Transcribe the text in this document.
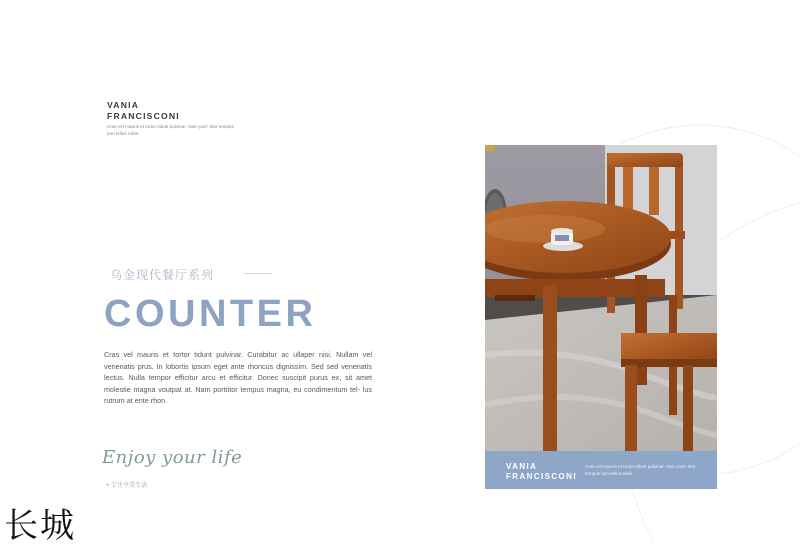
VANIA
FRANCISCONI
Cras vel mauris et tortor tidunt pulvinar. Nam port- titor tempus tum tellus rolde.
乌金现代餐厅系列
COUNTER
Cras vel mauris et tortor tidunt pulvinar. Curabitur ac ullaper nisi. Nullam vel venenatis prus. In lobortis ipsum eget ante rhoncus dignissim. Sed sed venenatis lectus. Nulla tempor efficitur arcu et efficitur. Donec suscipit purus ex, sit amet molestie magna voutpat at. Nam porttitor tempus magna, eu condimentum tel- lus rutrum at ente rhon.
Enjoy your life
+ 专注享受生活
长城
VANIA
FRANCISCONI
Cras vel mauris et tortor tidunt pulvinar. Nam port- titor tempus tum tellus tolde.
